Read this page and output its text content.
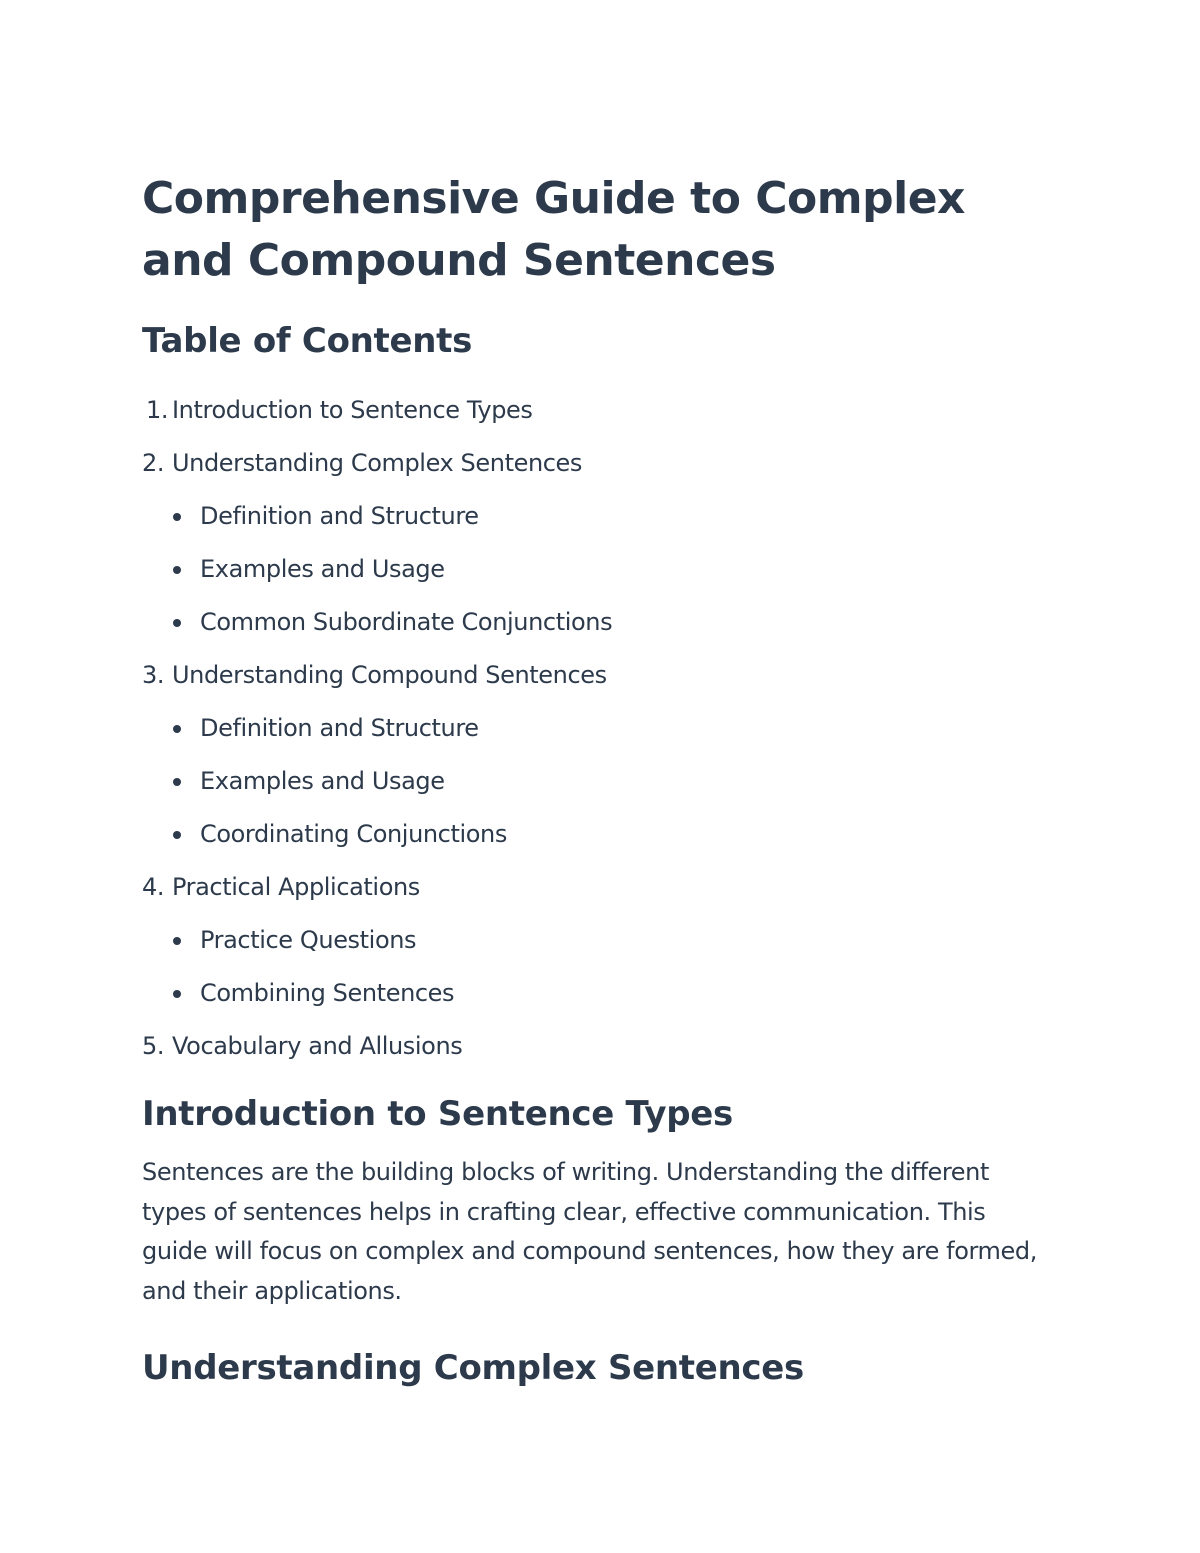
Comprehensive Guide to Complex and Compound Sentences
Table of Contents
1. Introduction to Sentence Types
2. Understanding Complex Sentences
Definition and Structure
Examples and Usage
Common Subordinate Conjunctions
3. Understanding Compound Sentences
Definition and Structure
Examples and Usage
Coordinating Conjunctions
4. Practical Applications
Practice Questions
Combining Sentences
5. Vocabulary and Allusions
Introduction to Sentence Types

Sentences are the building blocks of writing. Understanding the different types of sentences helps in crafting clear, effective communication. This guide will focus on complex and compound sentences, how they are formed, and their applications.

Understanding Complex Sentences
